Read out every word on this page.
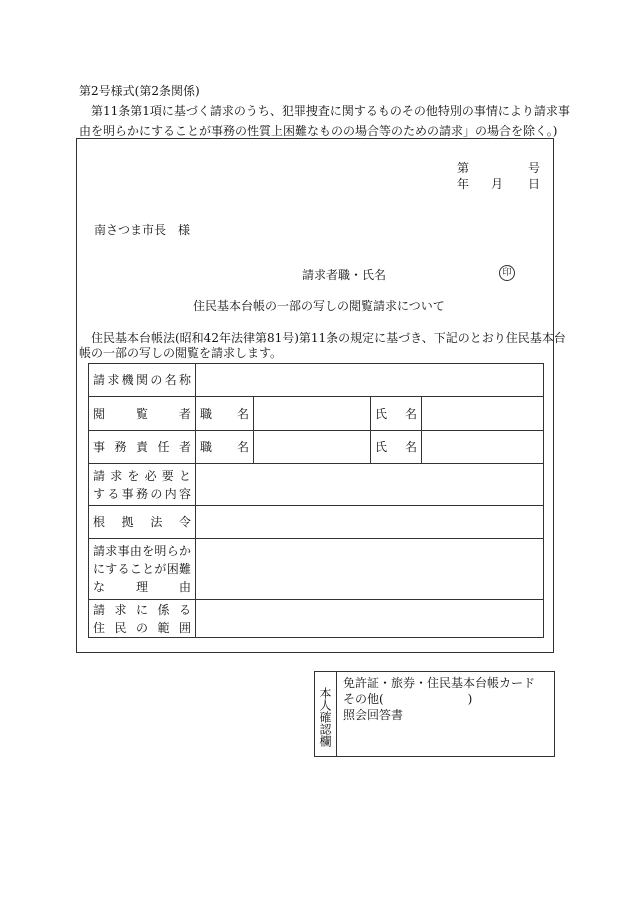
第2号様式(第2条関係)
第11条第1項に基づく請求のうち、犯罪捜査に関するものその他特別の事情により請求事
由を明らかにすることが事務の性質上困難なものの場合等のための請求」の場合を除く。)
第	号
年 月 日
南さつま市長　様
請求者職・氏名	印
住民基本台帳の一部の写しの閲覧請求について
住民基本台帳法(昭和42年法律第81号)第11条の規定に基づき、下記のとおり住民基本台
帳の一部の写しの閲覧を請求します。
請求機関の名称				
閲覧者	職名		氏名	
事務責任者	職名		氏名	

請求を必要と
する事務の内容				

根拠法令				

請求事由を明らか
にすることが困難
な理由				

請求に係る
住民の範囲				

本人確認欄
免許証・旅券・住民基本台帳カード
その他(　　　　　　　)
照会回答書
